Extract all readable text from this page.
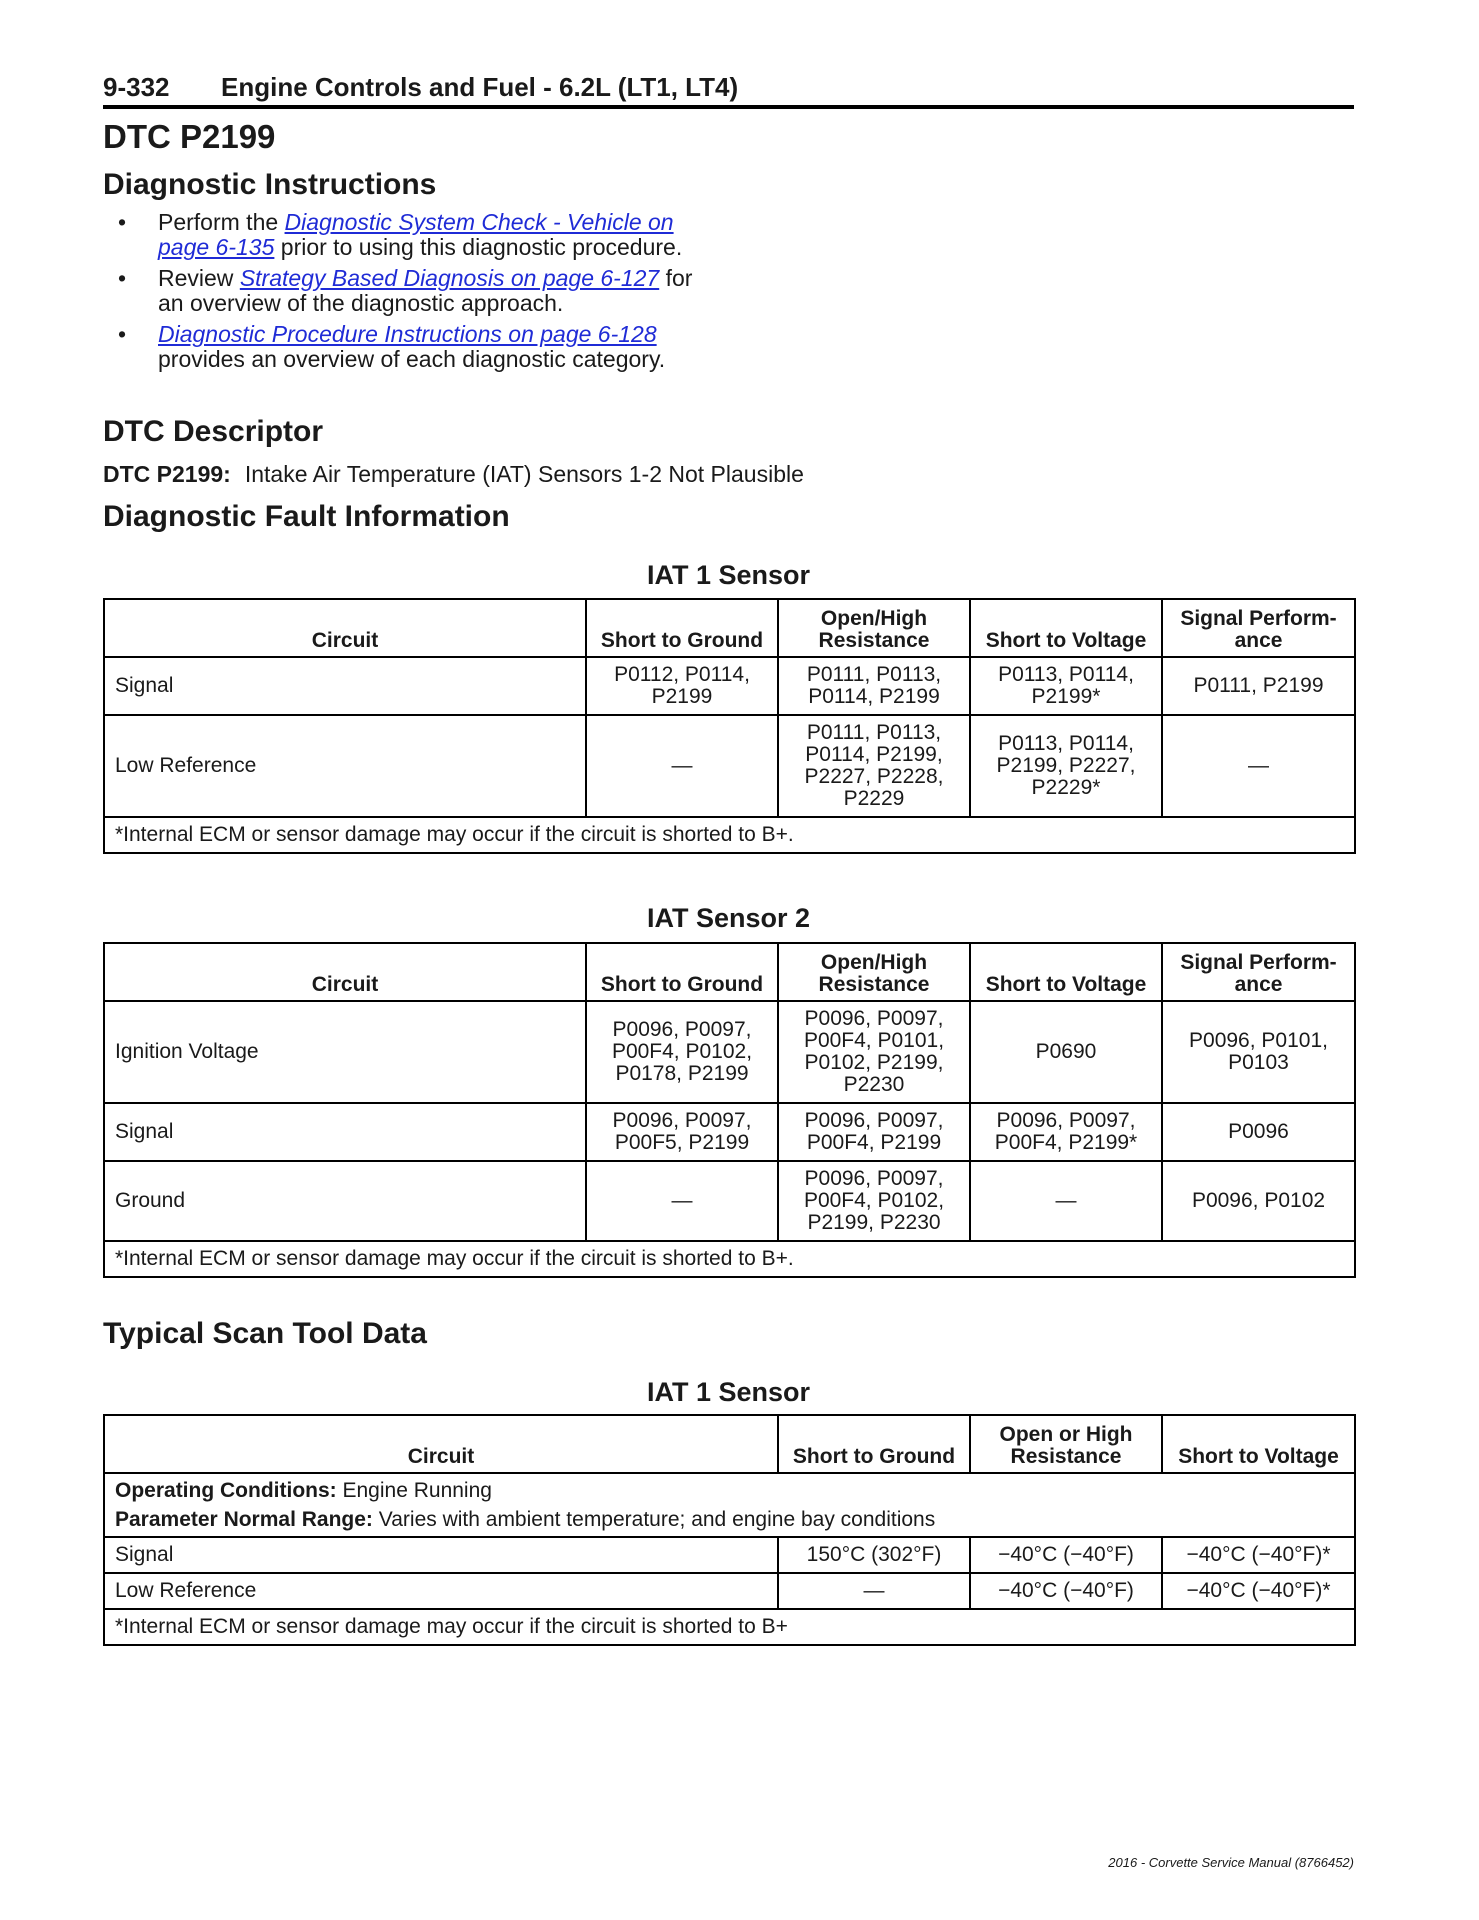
9-332 Engine Controls and Fuel - 6.2L (LT1, LT4)
DTC P2199
Diagnostic Instructions
• Perform the Diagnostic System Check - Vehicle on page 6-135 prior to using this diagnostic procedure.
• Review Strategy Based Diagnosis on page 6-127 for an overview of the diagnostic approach.
• Diagnostic Procedure Instructions on page 6-128 provides an overview of each diagnostic category.
DTC Descriptor
DTC P2199: Intake Air Temperature (IAT) Sensors 1-2 Not Plausible
Diagnostic Fault Information
IAT 1 Sensor
Circuit	Short to Ground	Open/High Resistance	Short to Voltage	Signal Perform-ance
Signal	P0112, P0114, P2199	P0111, P0113, P0114, P2199	P0113, P0114, P2199*	P0111, P2199
Low Reference	—	P0111, P0113, P0114, P2199, P2227, P2228, P2229	P0113, P0114, P2199, P2227, P2229*	—
*Internal ECM or sensor damage may occur if the circuit is shorted to B+.				
IAT Sensor 2
Circuit	Short to Ground	Open/High Resistance	Short to Voltage	Signal Perform-ance
Ignition Voltage	P0096, P0097, P00F4, P0102, P0178, P2199	P0096, P0097, P00F4, P0101, P0102, P2199, P2230	P0690	P0096, P0101, P0103
Signal	P0096, P0097, P00F5, P2199	P0096, P0097, P00F4, P2199	P0096, P0097, P00F4, P2199*	P0096
Ground	—	P0096, P0097, P00F4, P0102, P2199, P2230	—	P0096, P0102
*Internal ECM or sensor damage may occur if the circuit is shorted to B+.				
Typical Scan Tool Data
IAT 1 Sensor
Circuit	Short to Ground	Open or High Resistance	Short to Voltage

Operating Conditions: Engine Running
Parameter Normal Range: Varies with ambient temperature; and engine bay conditions			

Signal	150°C (302°F)	−40°C (−40°F)	−40°C (−40°F)*
Low Reference	—	−40°C (−40°F)	−40°C (−40°F)*
*Internal ECM or sensor damage may occur if the circuit is shorted to B+			
2016 - Corvette Service Manual (8766452)
